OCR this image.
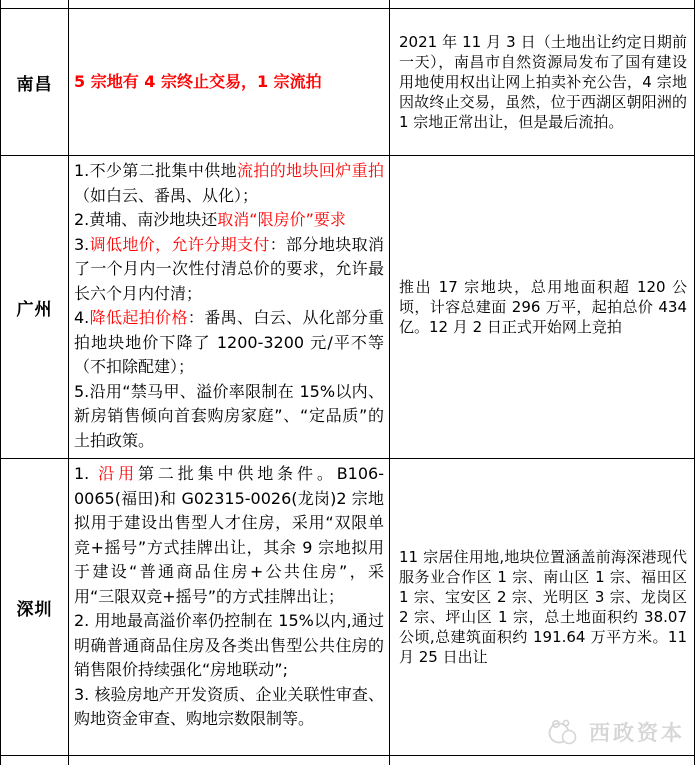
南昌	5 宗地有 4 宗终止交易，1 宗流拍
2021 年 11 月 3 日（土地出让约定日期前一天），南昌市自然资源局发布了国有建设用地使用权出让网上拍卖补充公告，4 宗地因故终止交易，虽然，位于西湖区朝阳洲的 1 宗地正常出让，但是最后流拍。
广州
1.不少第二批集中供地流拍的地块回炉重拍（如白云、番禺、从化）；
2.黄埔、南沙地块还取消“限房价”要求
3.调低地价，允许分期支付：部分地块取消了一个月内一次性付清总价的要求，允许最长六个月内付清；
4.降低起拍价格：番禺、白云、从化部分重拍地块地价下降了 1200-3200 元/平不等（不扣除配建）；
5.沿用“禁马甲、溢价率限制在 15%以内、新房销售倾向首套购房家庭”、“定品质”的土拍政策。
推出 17 宗地块，总用地面积超 120 公顷，计容总建面 296 万平，起拍总价 434 亿。12 月 2 日正式开始网上竞拍
深圳
1. 沿用第二批集中供地条件。B106-0065(福田)和 G02315-0026(龙岗)2 宗地拟用于建设出售型人才住房，采用“双限单竞+摇号”方式挂牌出让，其余 9 宗地拟用于建设“普通商品住房+公共住房”，采用“三限双竞+摇号”的方式挂牌出让；
2. 用地最高溢价率仍控制在 15%以内,通过明确普通商品住房及各类出售型公共住房的销售限价持续强化“房地联动”;
3. 核验房地产开发资质、企业关联性审查、购地资金审查、购地宗数限制等。
11 宗居住用地,地块位置涵盖前海深港现代服务业合作区 1 宗、南山区 1 宗、福田区 1 宗、宝安区 2 宗、光明区 3 宗、龙岗区 2 宗、坪山区 1 宗，总土地面积约 38.07 公顷,总建筑面积约 191.64 万平方米。11 月 25 日出让
西政资本
